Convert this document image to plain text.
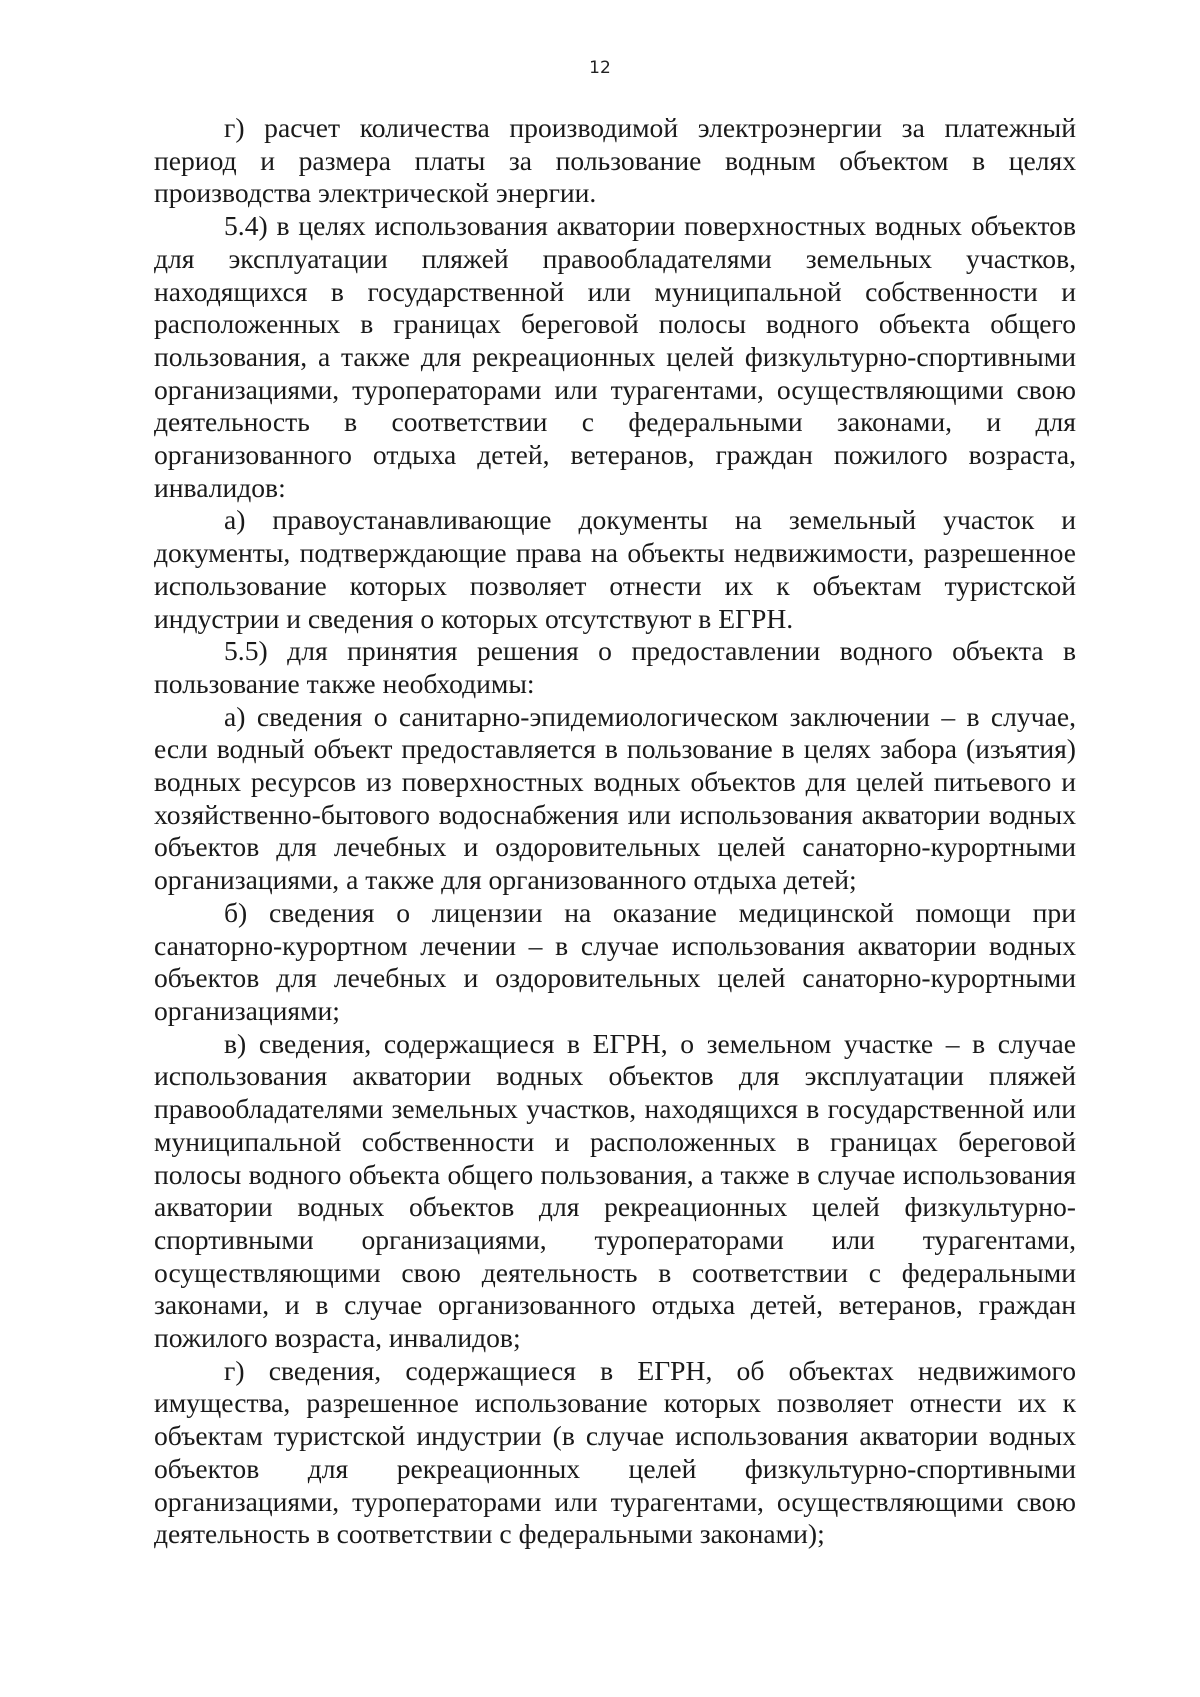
12

г) расчет количества производимой электроэнергии за платежный период и размера платы за пользование водным объектом в целях производства электрической энергии.

5.4) в целях использования акватории поверхностных водных объектов для эксплуатации пляжей правообладателями земельных участков, находящихся в государственной или муниципальной собственности и расположенных в границах береговой полосы водного объекта общего пользования, а также для рекреационных целей физкультурно-спортивными организациями, туроператорами или турагентами, осуществляющими свою деятельность в соответствии с федеральными законами, и для организованного отдыха детей, ветеранов, граждан пожилого возраста, инвалидов:

а) правоустанавливающие документы на земельный участок и документы, подтверждающие права на объекты недвижимости, разрешенное использование которых позволяет отнести их к объектам туристской индустрии и сведения о которых отсутствуют в ЕГРН.

5.5) для принятия решения о предоставлении водного объекта в пользование также необходимы:

а) сведения о санитарно-эпидемиологическом заключении – в случае, если водный объект предоставляется в пользование в целях забора (изъятия) водных ресурсов из поверхностных водных объектов для целей питьевого и хозяйственно-бытового водоснабжения или использования акватории водных объектов для лечебных и оздоровительных целей санаторно-курортными организациями, а также для организованного отдыха детей;

б) сведения о лицензии на оказание медицинской помощи при санаторно-курортном лечении – в случае использования акватории водных объектов для лечебных и оздоровительных целей санаторно-курортными организациями;

в) сведения, содержащиеся в ЕГРН, о земельном участке – в случае использования акватории водных объектов для эксплуатации пляжей правообладателями земельных участков, находящихся в государственной или муниципальной собственности и расположенных в границах береговой полосы водного объекта общего пользования, а также в случае использования акватории водных объектов для рекреационных целей физкультурно-спортивными организациями, туроператорами или турагентами, осуществляющими свою деятельность в соответствии с федеральными законами, и в случае организованного отдыха детей, ветеранов, граждан пожилого возраста, инвалидов;

г) сведения, содержащиеся в ЕГРН, об объектах недвижимого имущества, разрешенное использование которых позволяет отнести их к объектам туристской индустрии (в случае использования акватории водных объектов для рекреационных целей физкультурно-спортивными организациями, туроператорами или турагентами, осуществляющими свою деятельность в соответствии с федеральными законами);
